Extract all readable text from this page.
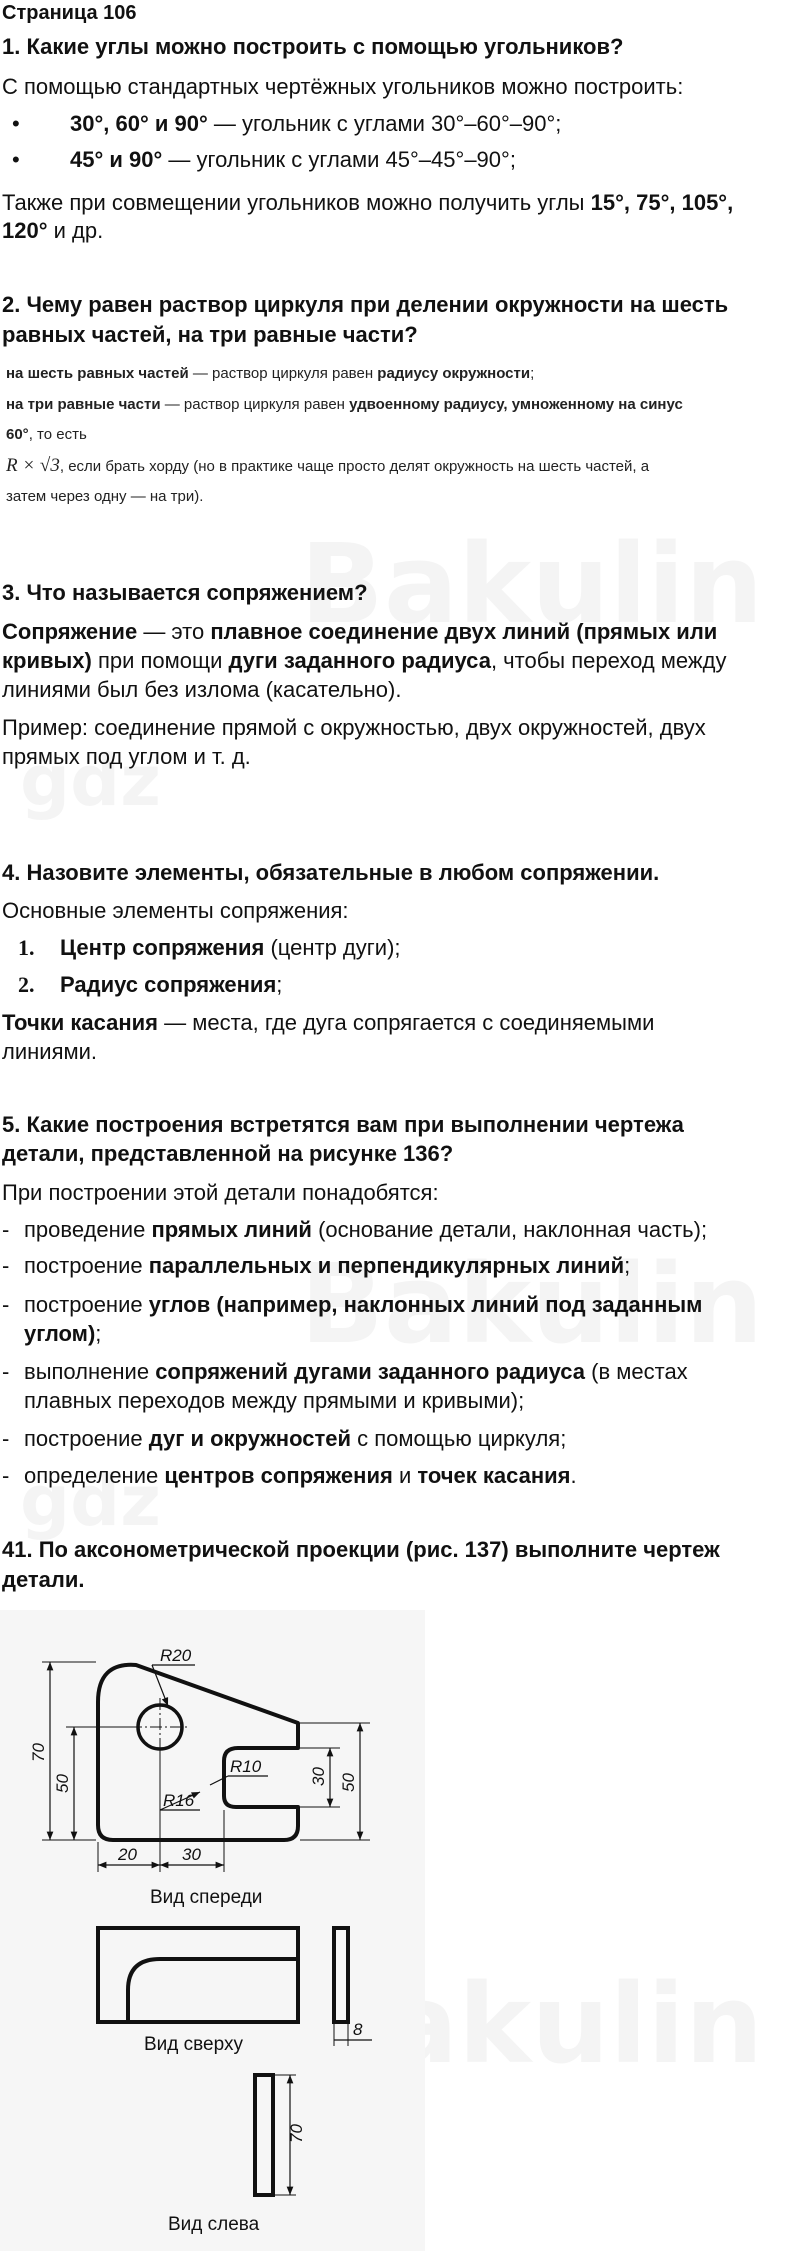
Страница 106
1. Какие углы можно построить с помощью угольников?
С помощью стандартных чертёжных угольников можно построить:
• 30°, 60° и 90° — угольник с углами 30°–60°–90°;
• 45° и 90° — угольник с углами 45°–45°–90°;
Также при совмещении угольников можно получить углы 15°, 75°, 105°,
120° и др.
2. Чему равен раствор циркуля при делении окружности на шесть
равных частей, на три равные части?
на шесть равных частей — раствор циркуля равен радиусу окружности;
на три равные части — раствор циркуля равен удвоенному радиусу, умноженному на синус
60°, то есть
R × √3, если брать хорду (но в практике чаще просто делят окружность на шесть частей, а
затем через одну — на три).
3. Что называется сопряжением?
Сопряжение — это плавное соединение двух линий (прямых или
кривых) при помощи дуги заданного радиуса, чтобы переход между
линиями был без излома (касательно).
Пример: соединение прямой с окружностью, двух окружностей, двух
прямых под углом и т. д.
4. Назовите элементы, обязательные в любом сопряжении.
Основные элементы сопряжения:
1. Центр сопряжения (центр дуги);
2. Радиус сопряжения;
Точки касания — места, где дуга сопрягается с соединяемыми
линиями.
5. Какие построения встретятся вам при выполнении чертежа
детали, представленной на рисунке 136?
При построении этой детали понадобятся:
- проведение прямых линий (основание детали, наклонная часть);
- построение параллельных и перпендикулярных линий;
- построение углов (например, наклонных линий под заданным
углом);
- выполнение сопряжений дугами заданного радиуса (в местах
плавных переходов между прямыми и кривыми);
- построение дуг и окружностей с помощью циркуля;
- определение центров сопряжения и точек касания.
41. По аксонометрической проекции (рис. 137) выполните чертеж
детали.
R20
R10
R16
70
50	30 50
20	30
Вид спереди
8
Вид сверху
70
Вид слева
